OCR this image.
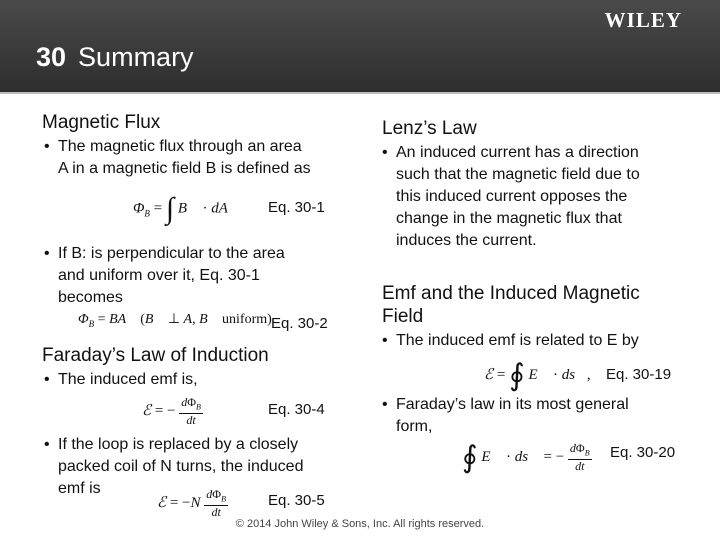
WILEY
30 Summary
Magnetic Flux
• The magnetic flux through an area
A in a magnetic field B is defined as
$\Phi_B$ = ∫ B⃗ · dA⃗ Eq. 30-1
• If B: is perpendicular to the area
and uniform over it, Eq. 30-1
becomes
$\Phi_B$ = BA    (B⃗ ⊥ A, B⃗ uniform).
Eq. 30-2
Faraday’s Law of Induction
• The induced emf is,
ℰ = − $\frac{d\Phi_B}{dt}$	Eq. 30-4
• If the loop is replaced by a closely
packed coil of N turns, the induced
emf is
ℰ = $-N \frac{d\Phi_B}{dt}$	Eq. 30-5
Lenz’s Law
• An induced current has a direction
such that the magnetic field due to
this induced current opposes the
change in the magnetic flux that
induces the current.
Emf and the Induced Magnetic
Field
• The induced emf is related to E by
ℰ = ∮ E⃗ · ds⃗, Eq. 30-19
• Faraday’s law in its most general
form,
∮ E⃗ · ds⃗ = − $\frac{d\Phi_B}{dt} Eq$. 30-20
© 2014 John Wiley & Sons, Inc. All rights reserved.
